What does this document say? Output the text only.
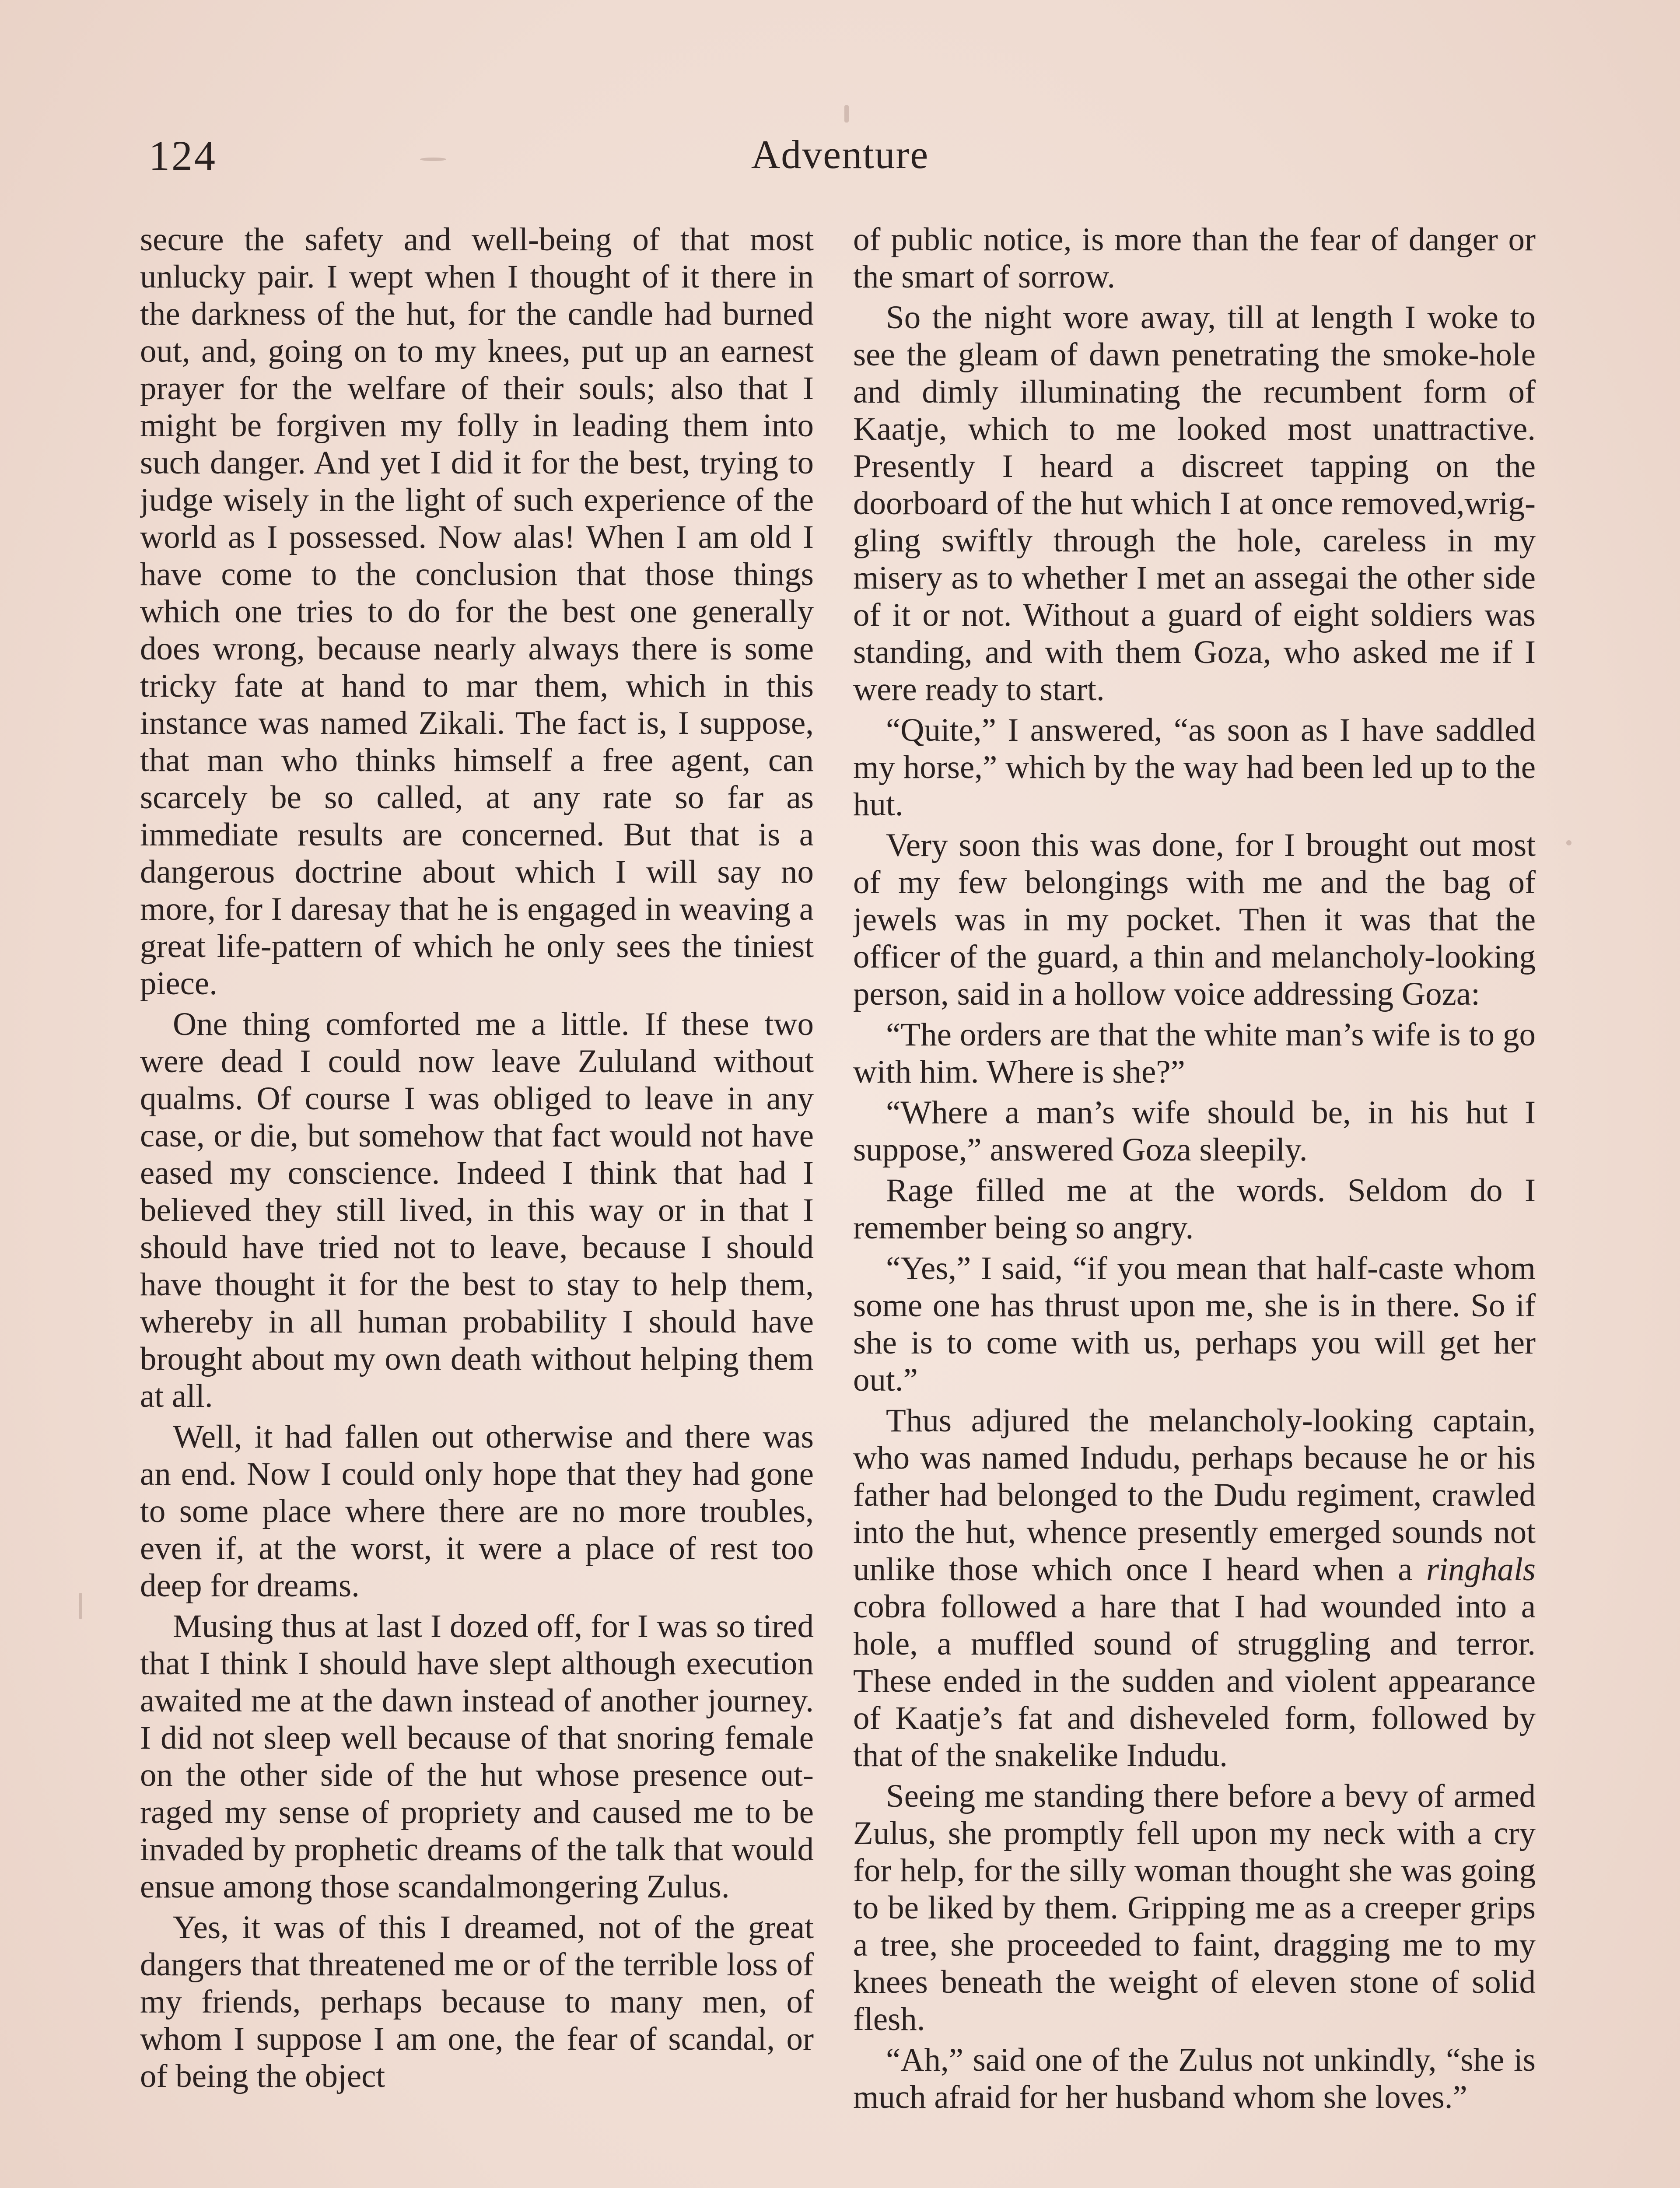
124	Adventure

secure the safety and well-being of that most unlucky pair. I wept when I thought of it there in the darkness of the hut, for the candle had burned out, and, going on to my knees, put up an earnest prayer for the welfare of their souls; also that I might be forgiven my folly in leading them into such danger. And yet I did it for the best, trying to judge wisely in the light of such experience of the world as I possessed. Now alas! When I am old I have come to the conclusion that those things which one tries to do for the best one generally does wrong, because nearly always there is some tricky fate at hand to mar them, which in this instance was named Zikali. The fact is, I suppose, that man who thinks himself a free agent, can scarcely be so called, at any rate so far as immediate results are concerned. But that is a dangerous doctrine about which I will say no more, for I daresay that he is engaged in weaving a great life-pattern of which he only sees the tiniest piece.

One thing comforted me a little. If these two were dead I could now leave Zululand without qualms. Of course I was obliged to leave in any case, or die, but somehow that fact would not have eased my conscience. Indeed I think that had I believed they still lived, in this way or in that I should have tried not to leave, because I should have thought it for the best to stay to help them, whereby in all human probability I should have brought about my own death without helping them at all.

Well, it had fallen out otherwise and there was an end. Now I could only hope that they had gone to some place where there are no more troubles, even if, at the worst, it were a place of rest too deep for dreams.

Musing thus at last I dozed off, for I was so tired that I think I should have slept although execution awaited me at the dawn instead of another journey. I did not sleep well because of that snoring female on the other side of the hut whose presence outraged my sense of propriety and caused me to be invaded by prophetic dreams of the talk that would ensue among those scandalmongering Zulus.

Yes, it was of this I dreamed, not of the great dangers that threatened me or of the terrible loss of my friends, perhaps because to many men, of whom I suppose I am one, the fear of scandal, or of being the object

of public notice, is more than the fear of danger or the smart of sorrow.

So the night wore away, till at length I woke to see the gleam of dawn penetrating the smoke-hole and dimly illuminating the recumbent form of Kaatje, which to me looked most unattractive. Presently I heard a discreet tapping on the doorboard of the hut which I at once removed,wriggling swiftly through the hole, careless in my misery as to whether I met an assegai the other side of it or not. Without a guard of eight soldiers was standing, and with them Goza, who asked me if I were ready to start.

“Quite,” I answered, “as soon as I have saddled my horse,” which by the way had been led up to the hut.

Very soon this was done, for I brought out most of my few belongings with me and the bag of jewels was in my pocket. Then it was that the officer of the guard, a thin and melancholy-looking person, said in a hollow voice addressing Goza:

“The orders are that the white man’s wife is to go with him. Where is she?”

“Where a man’s wife should be, in his hut I suppose,” answered Goza sleepily.

Rage filled me at the words. Seldom do I remember being so angry.

“Yes,” I said, “if you mean that half-caste whom some one has thrust upon me, she is in there. So if she is to come with us, perhaps you will get her out.”

Thus adjured the melancholy-looking captain, who was named Indudu, perhaps because he or his father had belonged to the Dudu regiment, crawled into the hut, whence presently emerged sounds not unlike those which once I heard when a ringhals cobra followed a hare that I had wounded into a hole, a muffled sound of struggling and terror. These ended in the sudden and violent appearance of Kaatje’s fat and disheveled form, followed by that of the snakelike Indudu.

Seeing me standing there before a bevy of armed Zulus, she promptly fell upon my neck with a cry for help, for the silly woman thought she was going to be liked by them. Gripping me as a creeper grips a tree, she proceeded to faint, dragging me to my knees beneath the weight of eleven stone of solid flesh.

“Ah,” said one of the Zulus not unkindly, “she is much afraid for her husband whom she loves.”
